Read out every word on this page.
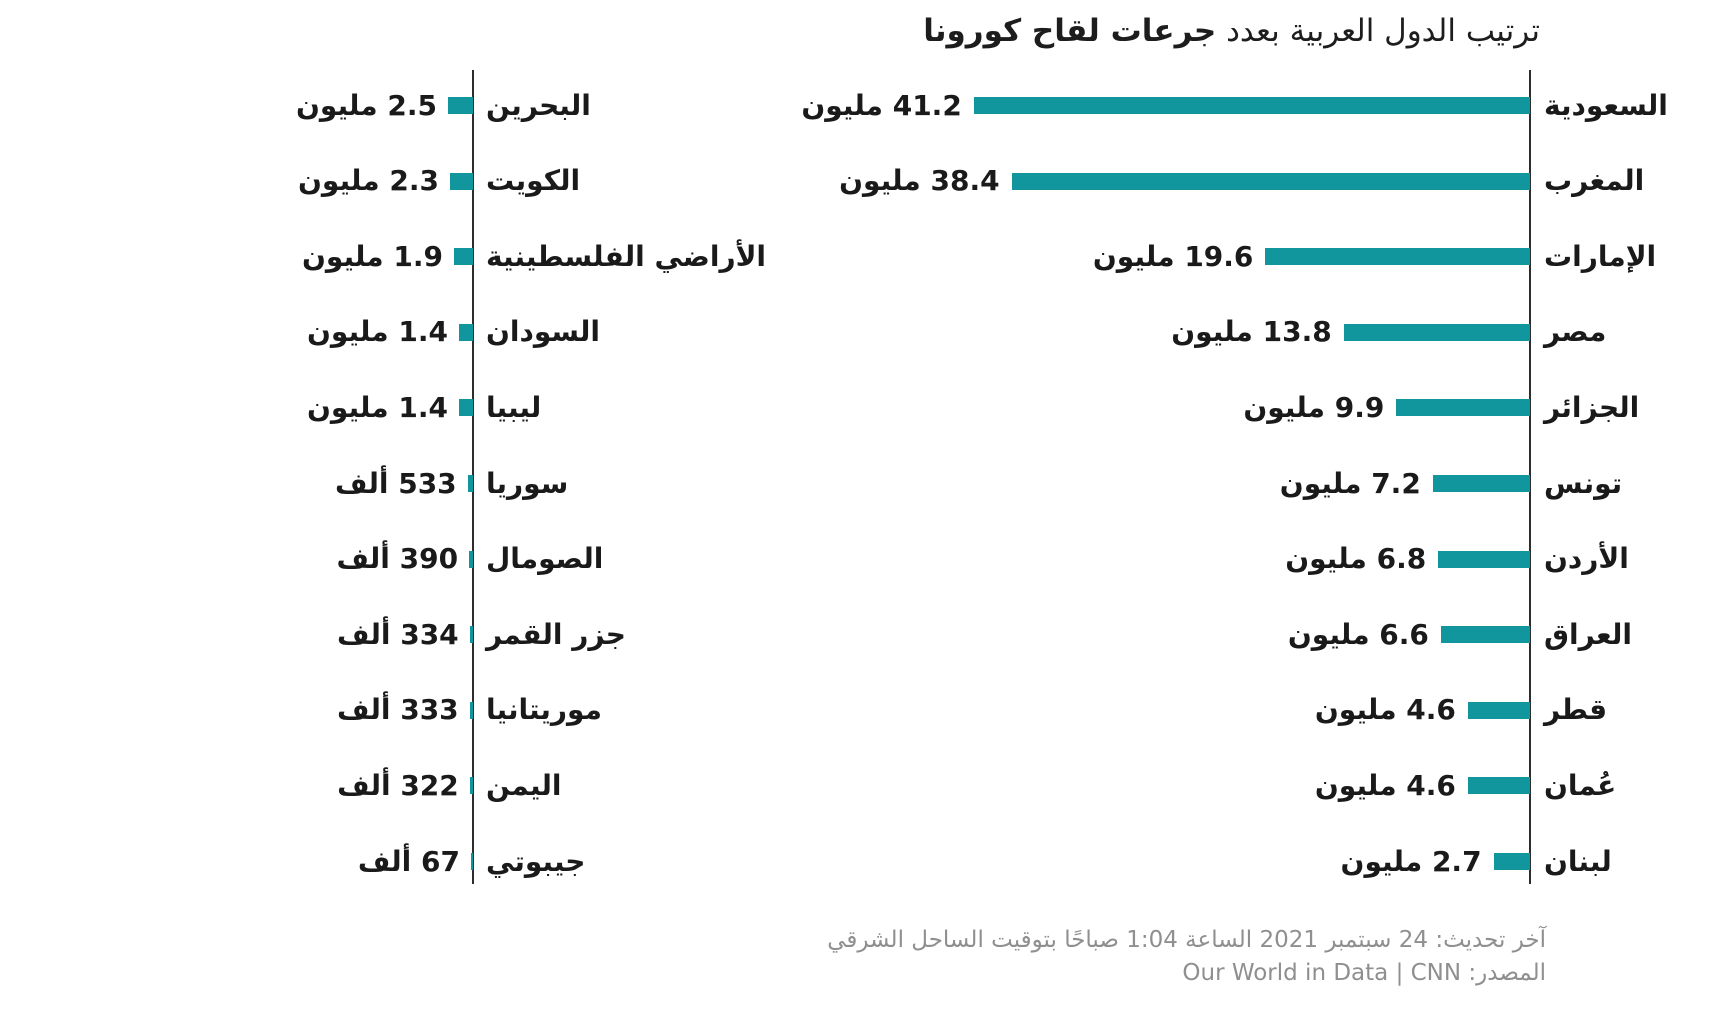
ترتيب الدول العربية بعدد جرعات لقاح كورونا
السعودية
41.2 مليون
المغرب
38.4 مليون
الإمارات
19.6 مليون
مصر
13.8 مليون
الجزائر
9.9 مليون
تونس
7.2 مليون
الأردن
6.8 مليون
العراق
6.6 مليون
قطر
4.6 مليون
عُمان
4.6 مليون
لبنان
2.7 مليون
البحرين
2.5 مليون
الكويت
2.3 مليون
الأراضي الفلسطينية
1.9 مليون
السودان
1.4 مليون
ليبيا
1.4 مليون
سوريا
533 ألف
الصومال
390 ألف
جزر القمر
334 ألف
موريتانيا
333 ألف
اليمن
322 ألف
جيبوتي
67 ألف
آخر تحديث: 24 سبتمبر 2021 الساعة 1:04 صباحًا بتوقيت الساحل الشرقي
المصدر: Our World in Data | CNN
